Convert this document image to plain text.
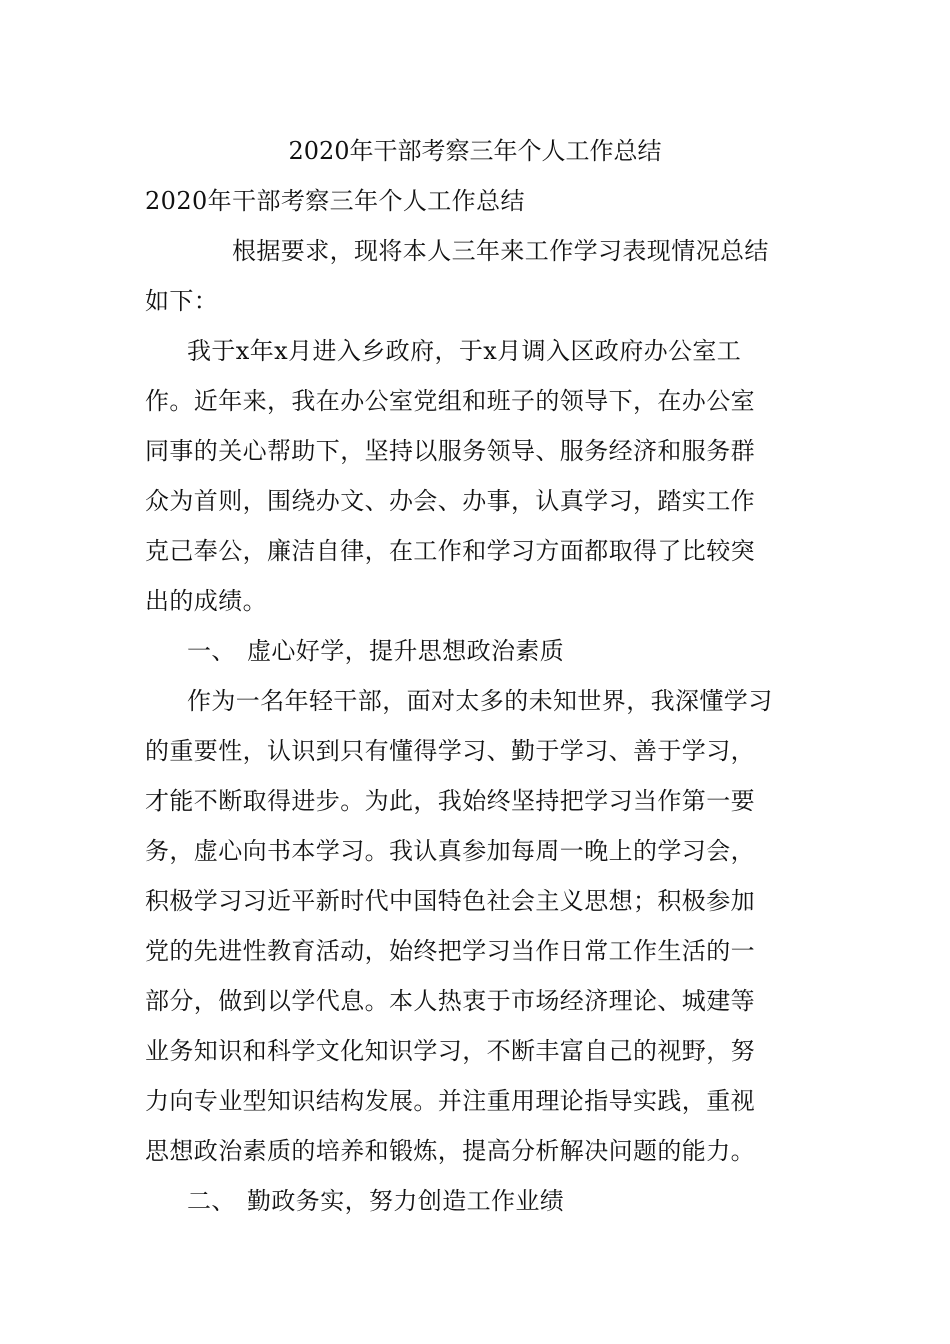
2020年干部考察三年个人工作总结
2020年干部考察三年个人工作总结
根据要求，现将本人三年来工作学习表现情况总结
如下：
我于x年x月进入乡政府，于x月调入区政府办公室工
作。近年来，我在办公室党组和班子的领导下，在办公室
同事的关心帮助下，坚持以服务领导、服务经济和服务群
众为首则，围绕办文、办会、办事，认真学习，踏实工作
克己奉公，廉洁自律，在工作和学习方面都取得了比较突
出的成绩。
一、 虚心好学，提升思想政治素质
作为一名年轻干部，面对太多的未知世界，我深懂学习
的重要性，认识到只有懂得学习、勤于学习、善于学习，
才能不断取得进步。为此，我始终坚持把学习当作第一要
务，虚心向书本学习。我认真参加每周一晚上的学习会，
积极学习习近平新时代中国特色社会主义思想；积极参加
党的先进性教育活动，始终把学习当作日常工作生活的一
部分，做到以学代息。本人热衷于市场经济理论、城建等
业务知识和科学文化知识学习，不断丰富自己的视野，努
力向专业型知识结构发展。并注重用理论指导实践，重视
思想政治素质的培养和锻炼，提高分析解决问题的能力。
二、 勤政务实，努力创造工作业绩
